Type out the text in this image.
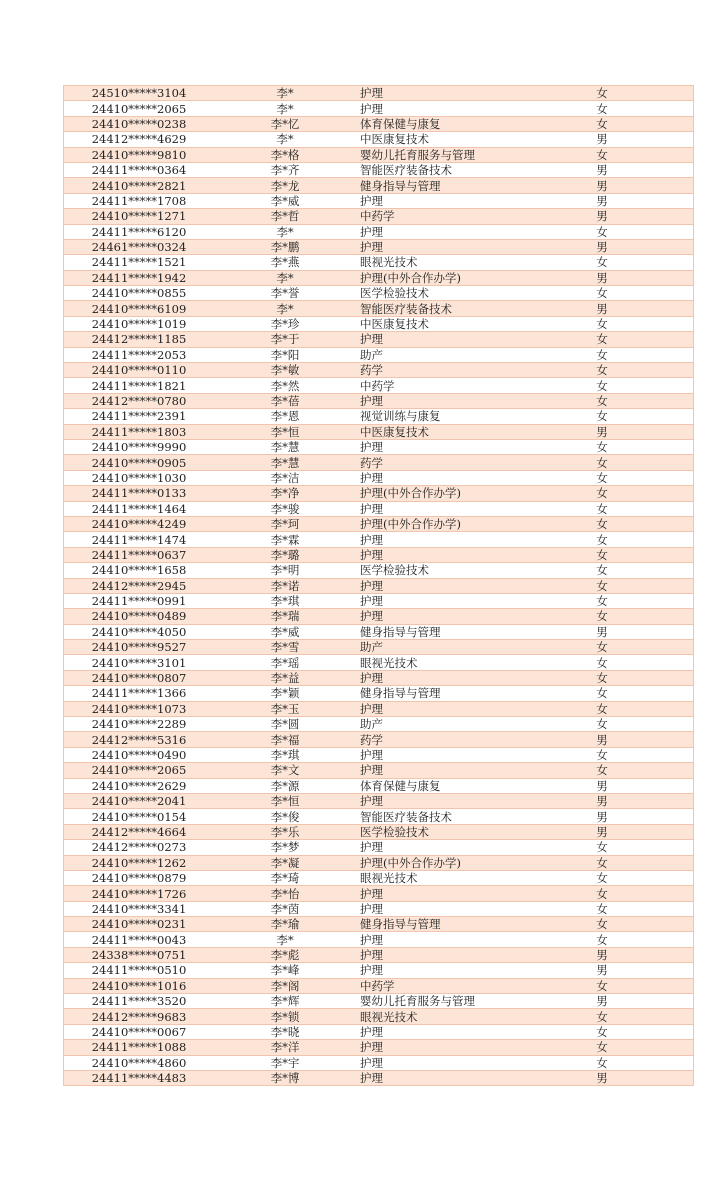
24510*****3104	李*	护理	女
24410*****2065	李*	护理	女
24410*****0238	李*忆	体育保健与康复	女
24412*****4629	李*	中医康复技术	男
24410*****9810	李*格	婴幼儿托育服务与管理	女
24411*****0364	李*齐	智能医疗装备技术	男
24410*****2821	李*龙	健身指导与管理	男
24411*****1708	李*威	护理	男
24410*****1271	李*哲	中药学	男
24411*****6120	李*	护理	女
24461*****0324	李*鹏	护理	男
24411*****1521	李*燕	眼视光技术	女
24411*****1942	李*	护理(中外合作办学)	男
24410*****0855	李*誉	医学检验技术	女
24410*****6109	李*	智能医疗装备技术	男
24410*****1019	李*珍	中医康复技术	女
24412*****1185	李*于	护理	女
24411*****2053	李*阳	助产	女
24410*****0110	李*敏	药学	女
24411*****1821	李*然	中药学	女
24412*****0780	李*蓓	护理	女
24411*****2391	李*恩	视觉训练与康复	女
24411*****1803	李*恒	中医康复技术	男
24410*****9990	李*慧	护理	女
24410*****0905	李*慧	药学	女
24410*****1030	李*洁	护理	女
24411*****0133	李*净	护理(中外合作办学)	女
24411*****1464	李*骏	护理	女
24410*****4249	李*珂	护理(中外合作办学)	女
24411*****1474	李*霖	护理	女
24411*****0637	李*璐	护理	女
24410*****1658	李*明	医学检验技术	女
24412*****2945	李*诺	护理	女
24411*****0991	李*琪	护理	女
24410*****0489	李*瑞	护理	女
24410*****4050	李*威	健身指导与管理	男
24410*****9527	李*雪	助产	女
24410*****3101	李*瑶	眼视光技术	女
24410*****0807	李*益	护理	女
24411*****1366	李*颖	健身指导与管理	女
24410*****1073	李*玉	护理	女
24410*****2289	李*圆	助产	女
24412*****5316	李*福	药学	男
24410*****0490	李*琪	护理	女
24410*****2065	李*文	护理	女
24410*****2629	李*源	体育保健与康复	男
24410*****2041	李*恒	护理	男
24410*****0154	李*俊	智能医疗装备技术	男
24412*****4664	李*乐	医学检验技术	男
24412*****0273	李*梦	护理	女
24410*****1262	李*凝	护理(中外合作办学)	女
24410*****0879	李*琦	眼视光技术	女
24410*****1726	李*怡	护理	女
24410*****3341	李*茵	护理	女
24410*****0231	李*瑜	健身指导与管理	女
24411*****0043	李*	护理	女
24338*****0751	李*彪	护理	男
24411*****0510	李*峰	护理	男
24410*****1016	李*阁	中药学	女
24411*****3520	李*辉	婴幼儿托育服务与管理	男
24412*****9683	李*锁	眼视光技术	女
24410*****0067	李*晓	护理	女
24411*****1088	李*洋	护理	女
24410*****4860	李*宇	护理	女
24411*****4483	李*博	护理	男
